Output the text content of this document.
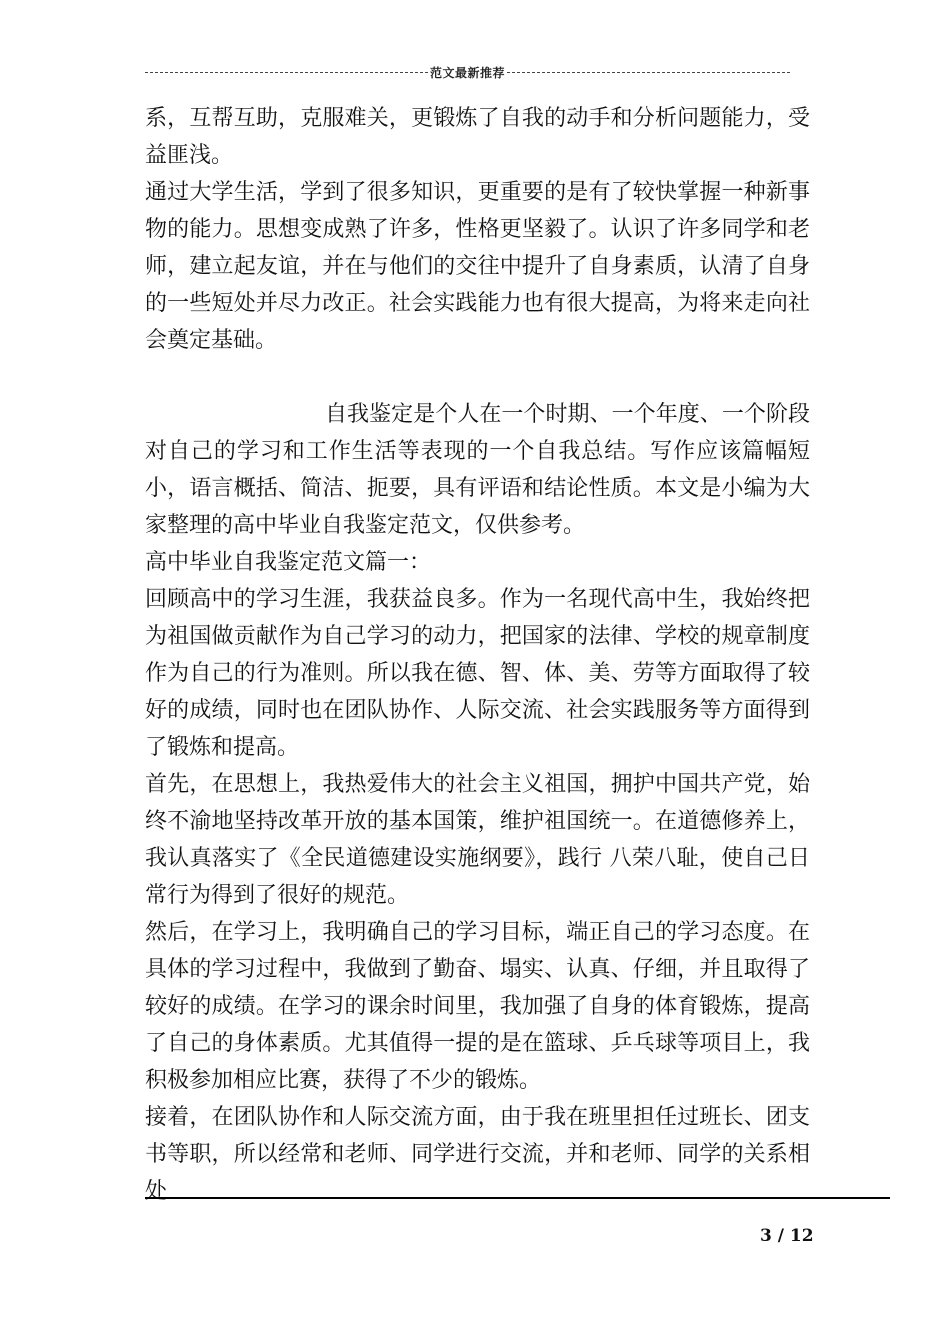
范文最新推荐

系，互帮互助，克服难关，更锻炼了自我的动手和分析问题能力，受益匪浅。

通过大学生活，学到了很多知识，更重要的是有了较快掌握一种新事物的能力。思想变成熟了许多，性格更坚毅了。认识了许多同学和老师，建立起友谊，并在与他们的交往中提升了自身素质，认清了自身的一些短处并尽力改正。社会实践能力也有很大提高，为将来走向社会奠定基础。

自我鉴定是个人在一个时期、一个年度、一个阶段对自己的学习和工作生活等表现的一个自我总结。写作应该篇幅短小，语言概括、简洁、扼要，具有评语和结论性质。本文是小编为大家整理的高中毕业自我鉴定范文，仅供参考。

高中毕业自我鉴定范文篇一：

回顾高中的学习生涯，我获益良多。作为一名现代高中生，我始终把为祖国做贡献作为自己学习的动力，把国家的法律、学校的规章制度作为自己的行为准则。所以我在德、智、体、美、劳等方面取得了较好的成绩，同时也在团队协作、人际交流、社会实践服务等方面得到了锻炼和提高。

首先，在思想上，我热爱伟大的社会主义祖国，拥护中国共产党，始终不渝地坚持改革开放的基本国策，维护祖国统一。在道德修养上，我认真落实了《全民道德建设实施纲要》，践行 八荣八耻，使自己日常行为得到了很好的规范。

然后，在学习上，我明确自己的学习目标，端正自己的学习态度。在具体的学习过程中，我做到了勤奋、塌实、认真、仔细，并且取得了较好的成绩。在学习的课余时间里，我加强了自身的体育锻炼，提高了自己的身体素质。尤其值得一提的是在篮球、乒乓球等项目上，我积极参加相应比赛，获得了不少的锻炼。

接着，在团队协作和人际交流方面，由于我在班里担任过班长、团支书等职，所以经常和老师、同学进行交流，并和老师、同学的关系相处

3 / 12
